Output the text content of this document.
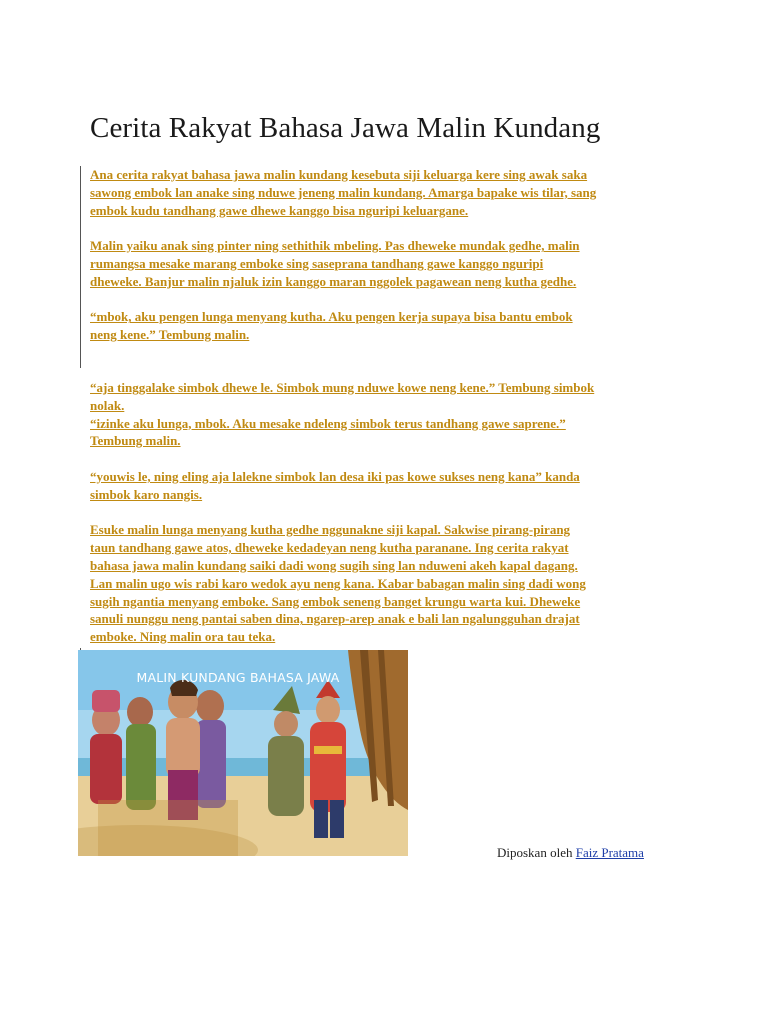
Cerita Rakyat Bahasa Jawa Malin Kundang

Ana cerita rakyat bahasa jawa malin kundang kesebuta siji keluarga kere sing awak saka
sawong embok lan anake sing nduwe jeneng malin kundang. Amarga bapake wis tilar, sang
embok kudu tandhang gawe dhewe kanggo bisa nguripi keluargane.

Malin yaiku anak sing pinter ning sethithik mbeling. Pas dheweke mundak gedhe, malin
rumangsa mesake marang emboke sing saseprana tandhang gawe kanggo nguripi
dheweke. Banjur malin njaluk izin kanggo maran nggolek pagawean neng kutha gedhe.

“mbok, aku pengen lunga menyang kutha. Aku pengen kerja supaya bisa bantu embok
neng kene.” Tembung malin.

“aja tinggalake simbok dhewe le. Simbok mung nduwe kowe neng kene.” Tembung simbok
nolak.
“izinke aku lunga, mbok. Aku mesake ndeleng simbok terus tandhang gawe saprene.”
Tembung malin.

“youwis le, ning eling aja lalekne simbok lan desa iki pas kowe sukses neng kana” kanda
simbok karo nangis.

Esuke malin lunga menyang kutha gedhe nggunakne siji kapal. Sakwise pirang-pirang
taun tandhang gawe atos, dheweke kedadeyan neng kutha paranane. Ing cerita rakyat
bahasa jawa malin kundang saiki dadi wong sugih sing lan nduweni akeh kapal dagang.
Lan malin ugo wis rabi karo wedok ayu neng kana. Kabar babagan malin sing dadi wong
sugih ngantia menyang emboke. Sang embok seneng banget krungu warta kui. Dheweke
sanuli nunggu neng pantai saben dina, ngarep-arep anak e bali lan ngalungguhan drajat
emboke. Ning malin ora tau teka.

MALIN KUNDANG BAHASA JAWA
Diposkan oleh Faiz Pratama
